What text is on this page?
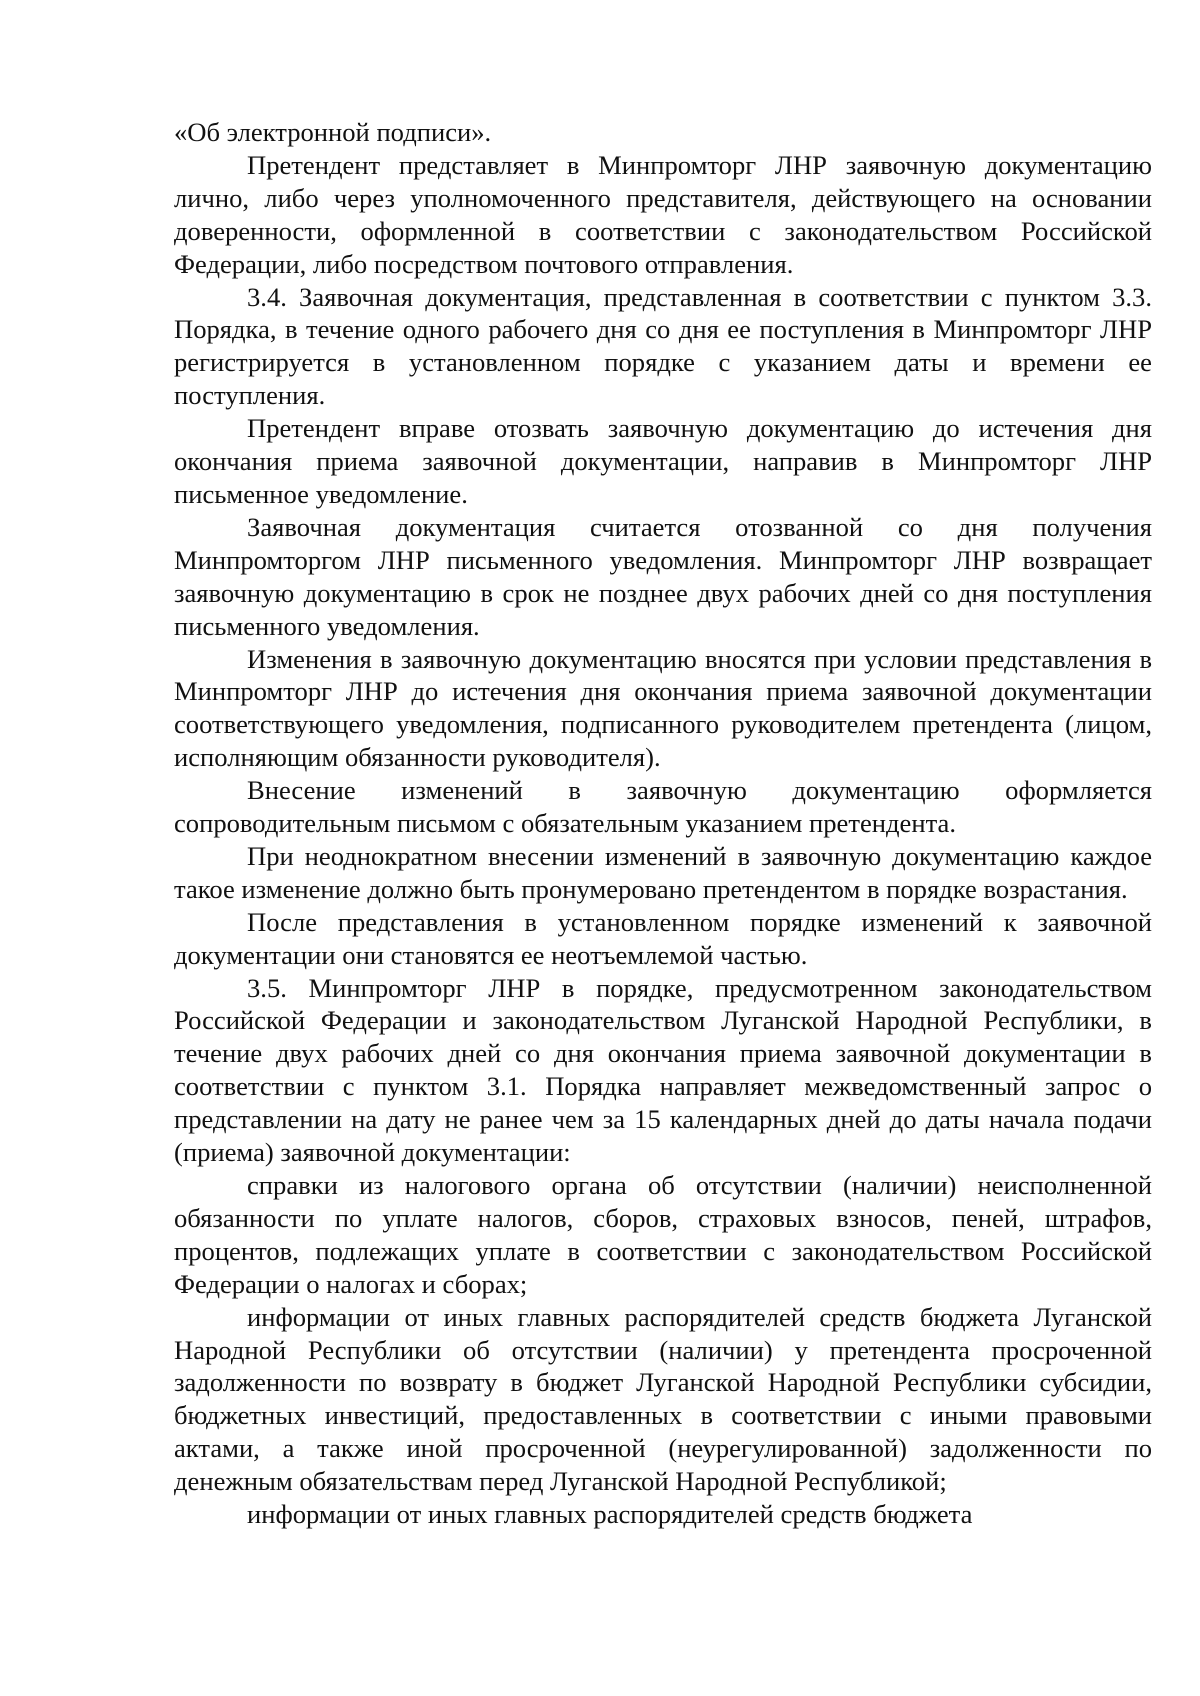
«Об электронной подписи».

Претендент представляет в Минпромторг ЛНР заявочную документацию лично, либо через уполномоченного представителя, действующего на основании доверенности, оформленной в соответствии с законодательством Российской Федерации, либо посредством почтового отправления.

3.4. Заявочная документация, представленная в соответствии с пунктом 3.3. Порядка, в течение одного рабочего дня со дня ее поступления в Минпромторг ЛНР регистрируется в установленном порядке с указанием даты и времени ее поступления.

Претендент вправе отозвать заявочную документацию до истечения дня окончания приема заявочной документации, направив в Минпромторг ЛНР письменное уведомление.

Заявочная документация считается отозванной со дня получения Минпромторгом ЛНР письменного уведомления. Минпромторг ЛНР возвращает заявочную документацию в срок не позднее двух рабочих дней со дня поступления письменного уведомления.

Изменения в заявочную документацию вносятся при условии представления в Минпромторг ЛНР до истечения дня окончания приема заявочной документации соответствующего уведомления, подписанного руководителем претендента (лицом, исполняющим обязанности руководителя).

Внесение изменений в заявочную документацию оформляется сопроводительным письмом с обязательным указанием претендента.

При неоднократном внесении изменений в заявочную документацию каждое такое изменение должно быть пронумеровано претендентом в порядке возрастания.

После представления в установленном порядке изменений к заявочной документации они становятся ее неотъемлемой частью.

3.5. Минпромторг ЛНР в порядке, предусмотренном законодательством Российской Федерации и законодательством Луганской Народной Республики, в течение двух рабочих дней со дня окончания приема заявочной документации в соответствии с пунктом 3.1. Порядка направляет межведомственный запрос о представлении на дату не ранее чем за 15 календарных дней до даты начала подачи (приема) заявочной документации:

справки из налогового органа об отсутствии (наличии) неисполненной обязанности по уплате налогов, сборов, страховых взносов, пеней, штрафов, процентов, подлежащих уплате в соответствии с законодательством Российской Федерации о налогах и сборах;

информации от иных главных распорядителей средств бюджета Луганской Народной Республики об отсутствии (наличии) у претендента просроченной задолженности по возврату в бюджет Луганской Народной Республики субсидии, бюджетных инвестиций, предоставленных в соответствии с иными правовыми актами, а также иной просроченной (неурегулированной) задолженности по денежным обязательствам перед Луганской Народной Республикой;

информации от иных главных распорядителей средств бюджета
